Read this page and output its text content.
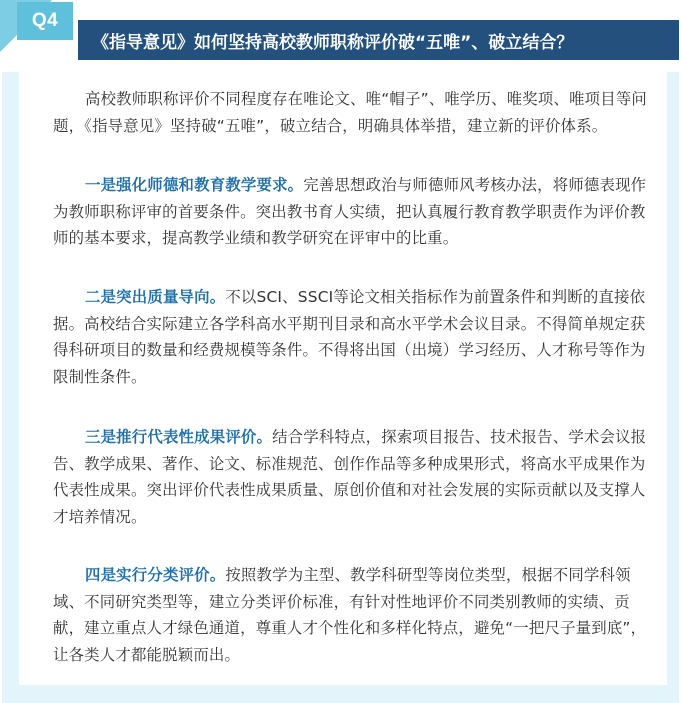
高校教师职称评价不同程度存在唯论文、唯“帽子”、唯学历、唯奖项、唯项目等问题，《指导意见》坚持破“五唯”，破立结合，明确具体举措，建立新的评价体系。

一是强化师德和教育教学要求。完善思想政治与师德师风考核办法，将师德表现作为教师职称评审的首要条件。突出教书育人实绩，把认真履行教育教学职责作为评价教师的基本要求，提高教学业绩和教学研究在评审中的比重。

二是突出质量导向。不以SCI、SSCI等论文相关指标作为前置条件和判断的直接依据。高校结合实际建立各学科高水平期刊目录和高水平学术会议目录。不得简单规定获得科研项目的数量和经费规模等条件。不得将出国（出境）学习经历、人才称号等作为限制性条件。

三是推行代表性成果评价。结合学科特点，探索项目报告、技术报告、学术会议报告、教学成果、著作、论文、标准规范、创作作品等多种成果形式，将高水平成果作为代表性成果。突出评价代表性成果质量、原创价值和对社会发展的实际贡献以及支撑人才培养情况。

四是实行分类评价。按照教学为主型、教学科研型等岗位类型，根据不同学科领域、不同研究类型等，建立分类评价标准，有针对性地评价不同类别教师的实绩、贡献，建立重点人才绿色通道，尊重人才个性化和多样化特点，避免“一把尺子量到底”，让各类人才都能脱颖而出。

Q4
《指导意见》如何坚持高校教师职称评价破“五唯”、破立结合？
